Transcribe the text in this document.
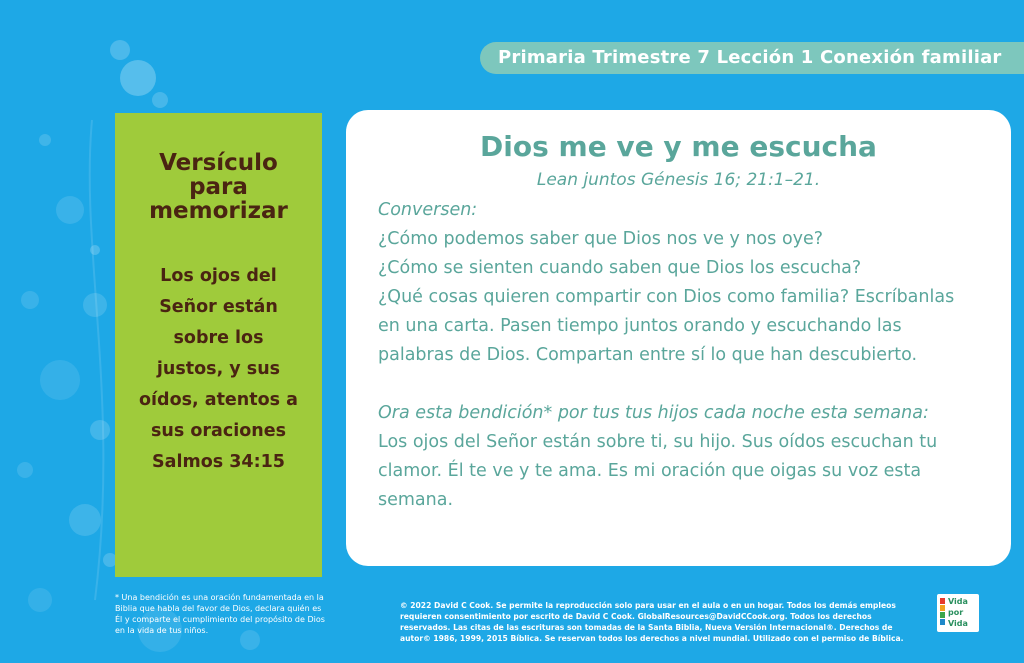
Primaria Trimestre 7 Lección 1 Conexión familiar
Versículo
para
memorizar
Los ojos del
Señor están
sobre los
justos, y sus
oídos, atentos a
sus oraciones
Salmos 34:15
Dios me ve y me escucha
Lean juntos Génesis 16; 21:1–21.

Conversen:

¿Cómo podemos saber que Dios nos ve y nos oye?

¿Cómo se sienten cuando saben que Dios los escucha?

¿Qué cosas quieren compartir con Dios como familia? Escríbanlas en una carta. Pasen tiempo juntos orando y escuchando las palabras de Dios. Compartan entre sí lo que han descubierto.

Ora esta bendición* por tus tus hijos cada noche esta semana:

Los ojos del Señor están sobre ti, su hijo. Sus oídos escuchan tu clamor. Él te ve y te ama. Es mi oración que oigas su voz esta semana.

* Una bendición es una oración fundamentada en la Biblia que habla del favor de Dios, declara quién es Él y comparte el cumplimiento del propósito de Dios en la vida de tus niños.
© 2022 David C Cook. Se permite la reproducción solo para usar en el aula o en un hogar. Todos los demás empleos requieren consentimiento por escrito de David C Cook. GlobalResources@DavidCCook.org. Todos los derechos reservados. Las citas de las escrituras son tomadas de la Santa Biblia, Nueva Versión Internacional®. Derechos de autor© 1986, 1999, 2015 Bíblica. Se reservan todos los derechos a nivel mundial. Utilizado con el permiso de Bíblica.
Vida
por
Vida
